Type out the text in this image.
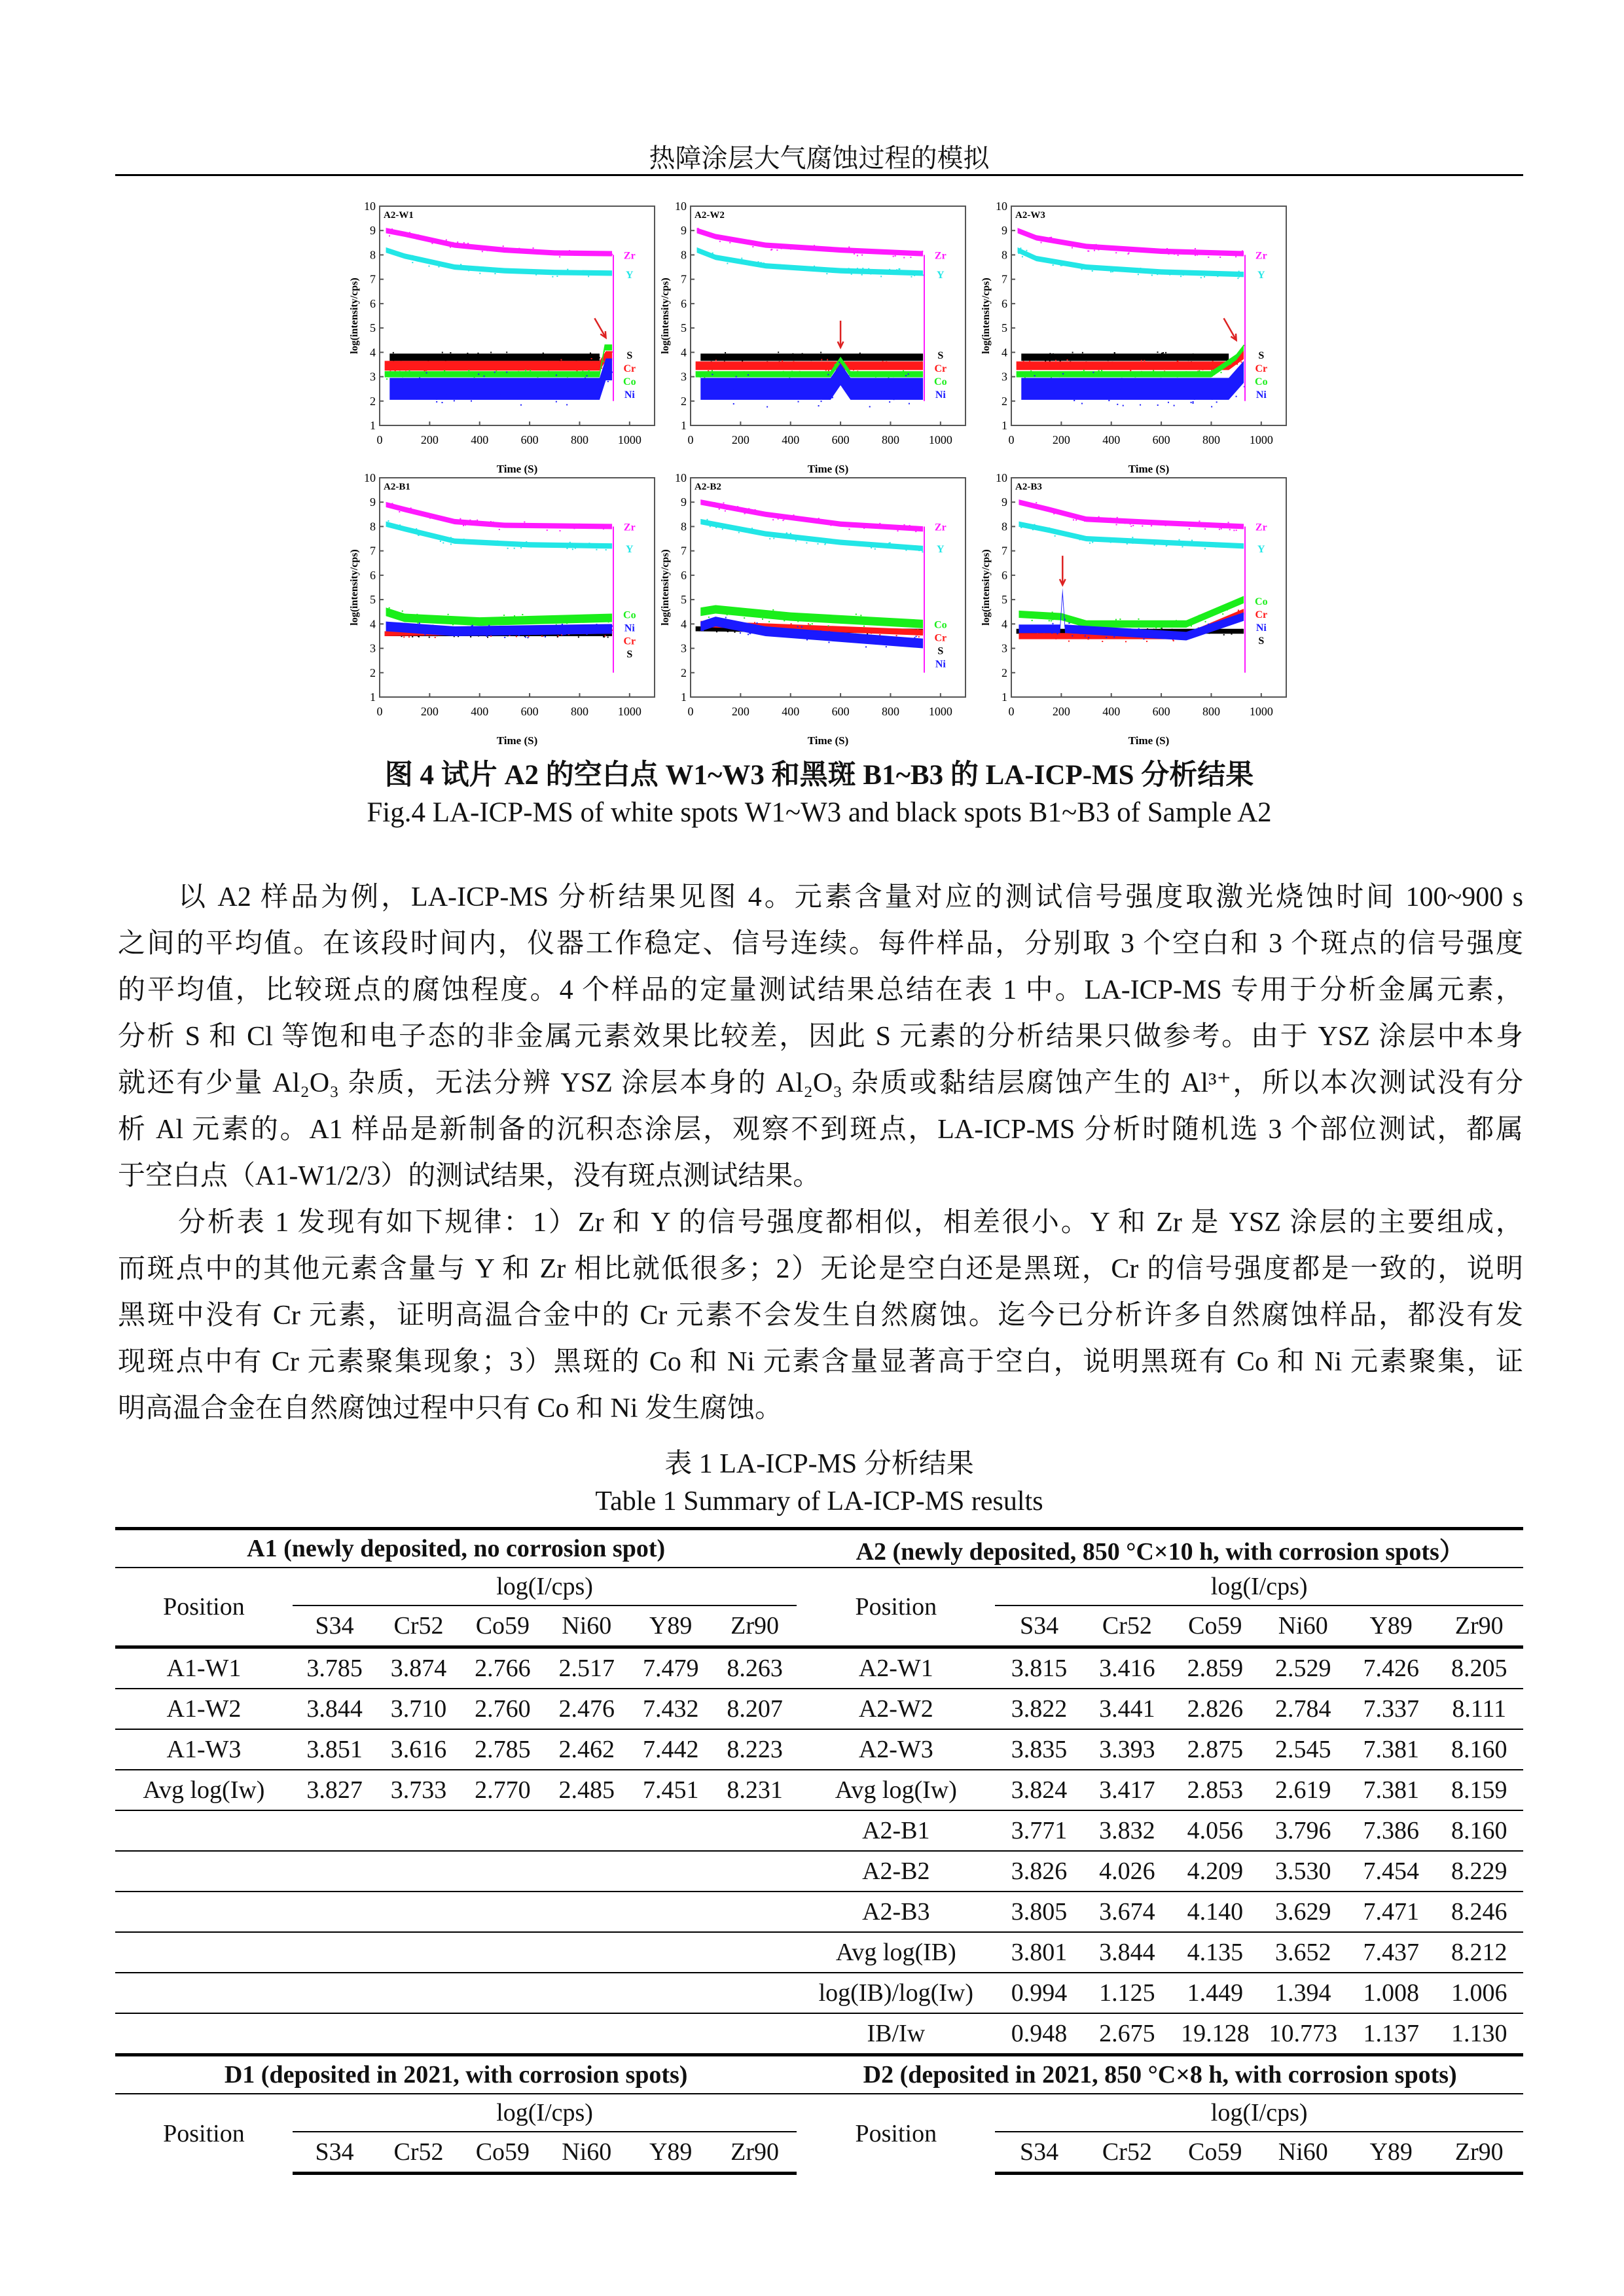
热障涂层大气腐蚀过程的模拟
0	200	400	600	800 1000
1
2
3
4
5
6
7
8
9
10
Time (S)
log(intensity/cps)
A2-W1
Zr
Y
S
Cr
Co
Ni
0	200	400	600	800 1000
1
2
3
4
5
6
7
8
9
10
Time (S)
log(intensity/cps)
A2-W2
Zr
Y
S
Cr
Co
Ni
0	200	400	600	800 1000
1
2
3
4
5
6
7
8
9
10
Time (S)
log(intensity/cps)
A2-W3
Zr
Y
S
Cr
Co
Ni
0	200	400	600	800 1000
1
2
3
4
5
6
7
8
9
10
Time (S)
log(intensity/cps)
A2-B1
Zr
Y
Co
Ni
Cr
S
0	200	400	600	800 1000
1
2
3
4
5
6
7
8
9
10
Time (S)
log(intensity/cps)
A2-B2
Zr
Y
Co
Cr
S
Ni
0	200	400	600	800 1000
1
2
3
4
5
6
7
8
9
10
Time (S)
log(intensity/cps)
A2-B3
Zr
Y
Co
Cr
Ni
S
图 4 试片 A2 的空白点 W1~W3 和黑斑 B1~B3 的 LA-ICP-MS 分析结果
Fig.4 LA-ICP-MS of white spots W1~W3 and black spots B1~B3 of Sample A2
以 A2 样品为例，LA-ICP-MS 分析结果见图 4。元素含量对应的测试信号强度取激光烧蚀时间 100~900 s
之间的平均值。在该段时间内，仪器工作稳定、信号连续。每件样品，分别取 3 个空白和 3 个斑点的信号强度
的平均值，比较斑点的腐蚀程度。4 个样品的定量测试结果总结在表 1 中。LA-ICP-MS 专用于分析金属元素，
分析 S 和 Cl 等饱和电子态的非金属元素效果比较差，因此 S 元素的分析结果只做参考。由于 YSZ 涂层中本身
就还有少量 Al₂O₃ 杂质，无法分辨 YSZ 涂层本身的 Al₂O₃ 杂质或黏结层腐蚀产生的 Al³⁺，所以本次测试没有分
析 Al 元素的。A1 样品是新制备的沉积态涂层，观察不到斑点，LA-ICP-MS 分析时随机选 3 个部位测试，都属
于空白点（A1-W1/2/3）的测试结果，没有斑点测试结果。
分析表 1 发现有如下规律：1）Zr 和 Y 的信号强度都相似，相差很小。Y 和 Zr 是 YSZ 涂层的主要组成，
而斑点中的其他元素含量与 Y 和 Zr 相比就低很多；2）无论是空白还是黑斑，Cr 的信号强度都是一致的，说明
黑斑中没有 Cr 元素，证明高温合金中的 Cr 元素不会发生自然腐蚀。迄今已分析许多自然腐蚀样品，都没有发
现斑点中有 Cr 元素聚集现象；3）黑斑的 Co 和 Ni 元素含量显著高于空白，说明黑斑有 Co 和 Ni 元素聚集，证
明高温合金在自然腐蚀过程中只有 Co 和 Ni 发生腐蚀。
表 1 LA-ICP-MS 分析结果
Table 1 Summary of LA-ICP-MS results
A1 (newly deposited, no corrosion spot)							A2 (newly deposited, 850 °C×10 h, with corrosion spots）						
Position	log(I/cps)						Position	log(I/cps)					
	S34	Cr52	Co59	Ni60	Y89	Zr90		S34	Cr52	Co59	Ni60	Y89	Zr90
A1-W1	3.785	3.874	2.766	2.517	7.479	8.263	A2-W1	3.815	3.416	2.859	2.529	7.426	8.205
A1-W2	3.844	3.710	2.760	2.476	7.432	8.207	A2-W2	3.822	3.441	2.826	2.784	7.337	8.111
A1-W3	3.851	3.616	2.785	2.462	7.442	8.223	A2-W3	3.835	3.393	2.875	2.545	7.381	8.160
Avg log(Iw)	3.827	3.733	2.770	2.485	7.451	8.231	Avg log(Iw)	3.824	3.417	2.853	2.619	7.381	8.159
							A2-B1	3.771	3.832	4.056	3.796	7.386	8.160
							A2-B2	3.826	4.026	4.209	3.530	7.454	8.229
							A2-B3	3.805	3.674	4.140	3.629	7.471	8.246
							Avg log(IB)	3.801	3.844	4.135	3.652	7.437	8.212
							log(IB)/log(Iw)	0.994	1.125	1.449	1.394	1.008	1.006
							IB/Iw	0.948	2.675	19.128	10.773	1.137	1.130
D1 (deposited in 2021, with corrosion spots)							D2 (deposited in 2021, 850 °C×8 h, with corrosion spots)						
Position	log(I/cps)						Position	log(I/cps)					
	S34	Cr52	Co59	Ni60	Y89	Zr90		S34	Cr52	Co59	Ni60	Y89	Zr90
